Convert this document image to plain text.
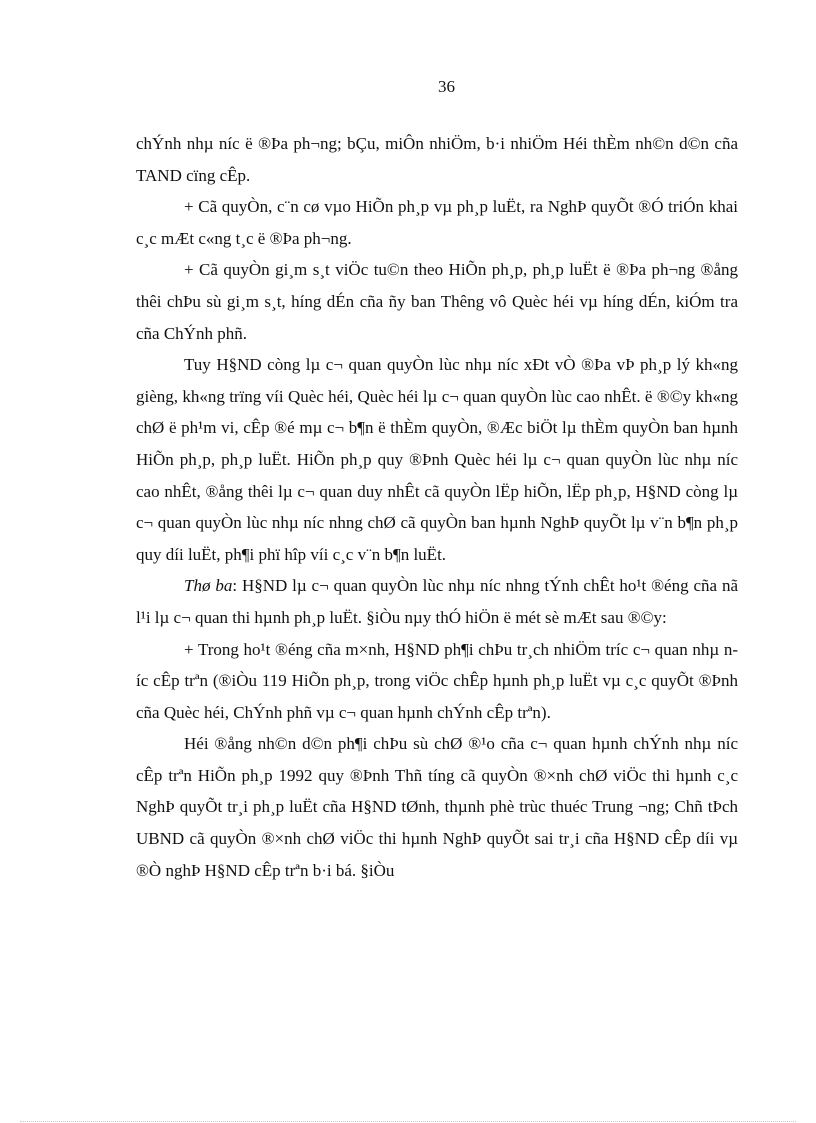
36

chÝnh nhµ níc ë ®Þa ph¬ng; bÇu, miÔn nhiÖm, b·i nhiÖm Héi thÈm nh©n d©n cña TAND cïng cÊp.

+ Cã quyÒn, c¨n cø vµo HiÕn ph¸p vµ ph¸p luËt, ra NghÞ quyÕt ®Ó triÓn khai c¸c mÆt c«ng t¸c ë ®Þa ph¬ng.

+ Cã quyÒn gi¸m s¸t viÖc tu©n theo HiÕn ph¸p, ph¸p luËt ë ®Þa ph¬ng ®ång thêi chÞu sù gi¸m s¸t, híng dÉn cña ñy ban Thêng vô Quèc héi vµ híng dÉn, kiÓm tra cña ChÝnh phñ.

Tuy H§ND còng lµ c¬ quan quyÒn lùc nhµ níc xÐt vÒ ®Þa vÞ ph¸p lý kh«ng gièng, kh«ng trïng víi Quèc héi, Quèc héi lµ c¬ quan quyÒn lùc cao nhÊt. ë ®©y kh«ng chØ ë ph¹m vi, cÊp ®é mµ c¬ b¶n ë thÈm quyÒn, ®Æc biÖt lµ thÈm quyÒn ban hµnh HiÕn ph¸p, ph¸p luËt. HiÕn ph¸p quy ®Þnh Quèc héi lµ c¬ quan quyÒn lùc nhµ níc cao nhÊt, ®ång thêi lµ c¬ quan duy nhÊt cã quyÒn lËp hiÕn, lËp ph¸p, H§ND còng lµ c¬ quan quyÒn lùc nhµ níc nhng chØ cã quyÒn ban hµnh NghÞ quyÕt lµ v¨n b¶n ph¸p quy díi luËt, ph¶i phï hîp víi c¸c v¨n b¶n luËt.

Thø ba: H§ND lµ c¬ quan quyÒn lùc nhµ níc nhng tÝnh chÊt ho¹t ®éng cña nã l¹i lµ c¬ quan thi hµnh ph¸p luËt. §iÒu nµy thÓ hiÖn ë mét sè mÆt sau ®©y:

+ Trong ho¹t ®éng cña m×nh, H§ND ph¶i chÞu tr¸ch nhiÖm tríc c¬ quan nhµ níc cÊp trªn (®iÒu 119 HiÕn ph¸p, trong viÖc chÊp hµnh ph¸p luËt vµ c¸c quyÕt ®Þnh cña Quèc héi, ChÝnh phñ vµ c¬ quan hµnh chÝnh cÊp trªn).

Héi ®ång nh©n d©n ph¶i chÞu sù chØ ®¹o cña c¬ quan hµnh chÝnh nhµ níc cÊp trªn HiÕn ph¸p 1992 quy ®Þnh Thñ tíng cã quyÒn ®×nh chØ viÖc thi hµnh c¸c NghÞ quyÕt tr¸i ph¸p luËt cña H§ND tØnh, thµnh phè trùc thuéc Trung ¬ng; Chñ tÞch UBND cã quyÒn ®×nh chØ viÖc thi hµnh NghÞ quyÕt sai tr¸i cña H§ND cÊp díi vµ ®Ò nghÞ H§ND cÊp trªn b·i bá. §iÒu
